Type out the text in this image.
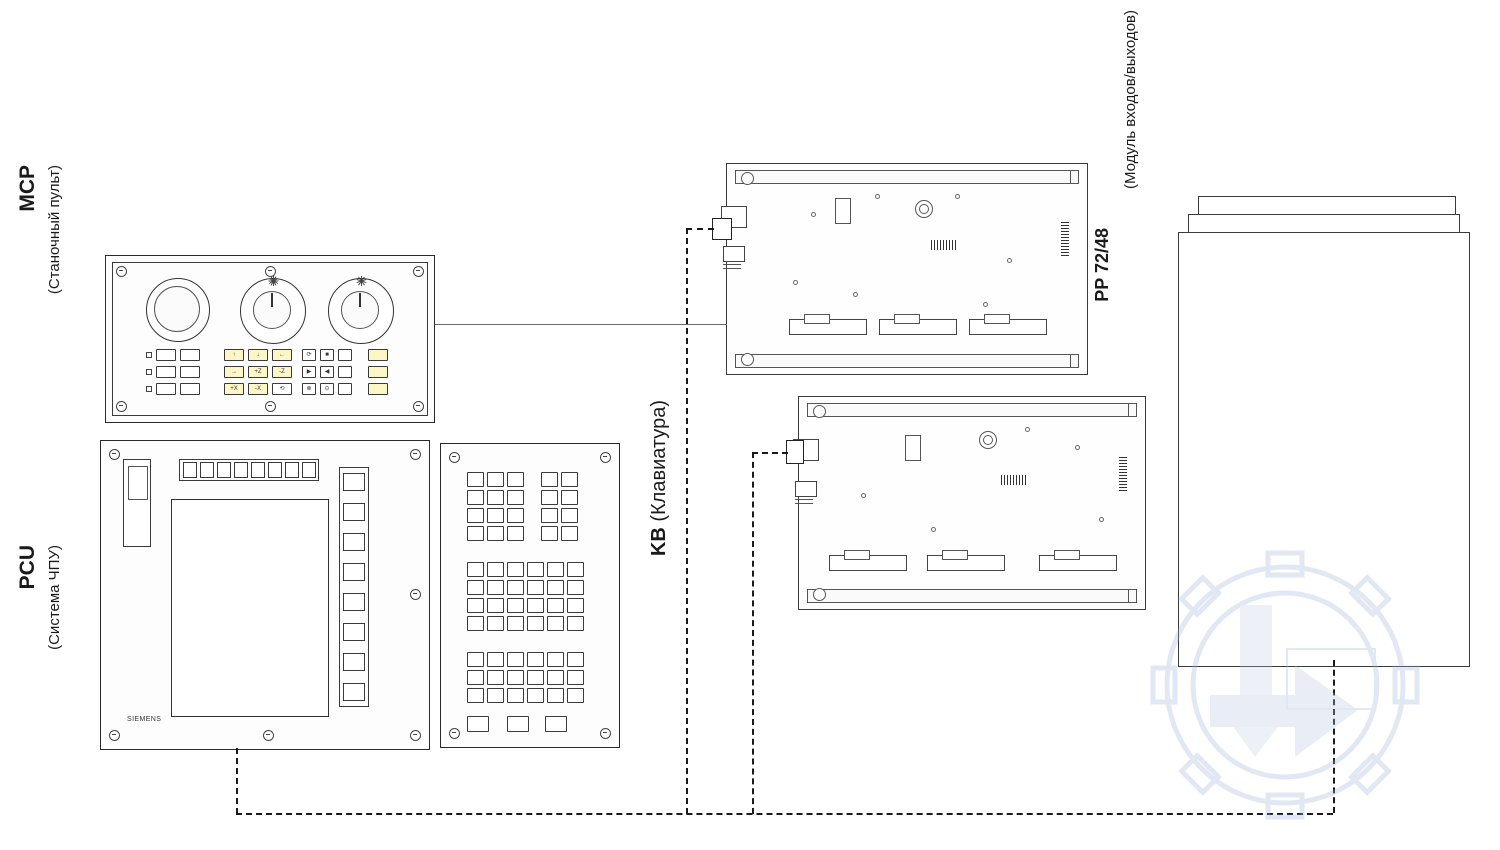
MCP (Станочный пульт)
PCU (Система ЧПУ)
KB (Клавиатура)
PP 72/48
(Модуль входов/выходов)
↑	↓	←
→	+Z	-Z
+X	-X	⟲
⟳	■
▶	◀
⊗	⊙
SIEMENS
